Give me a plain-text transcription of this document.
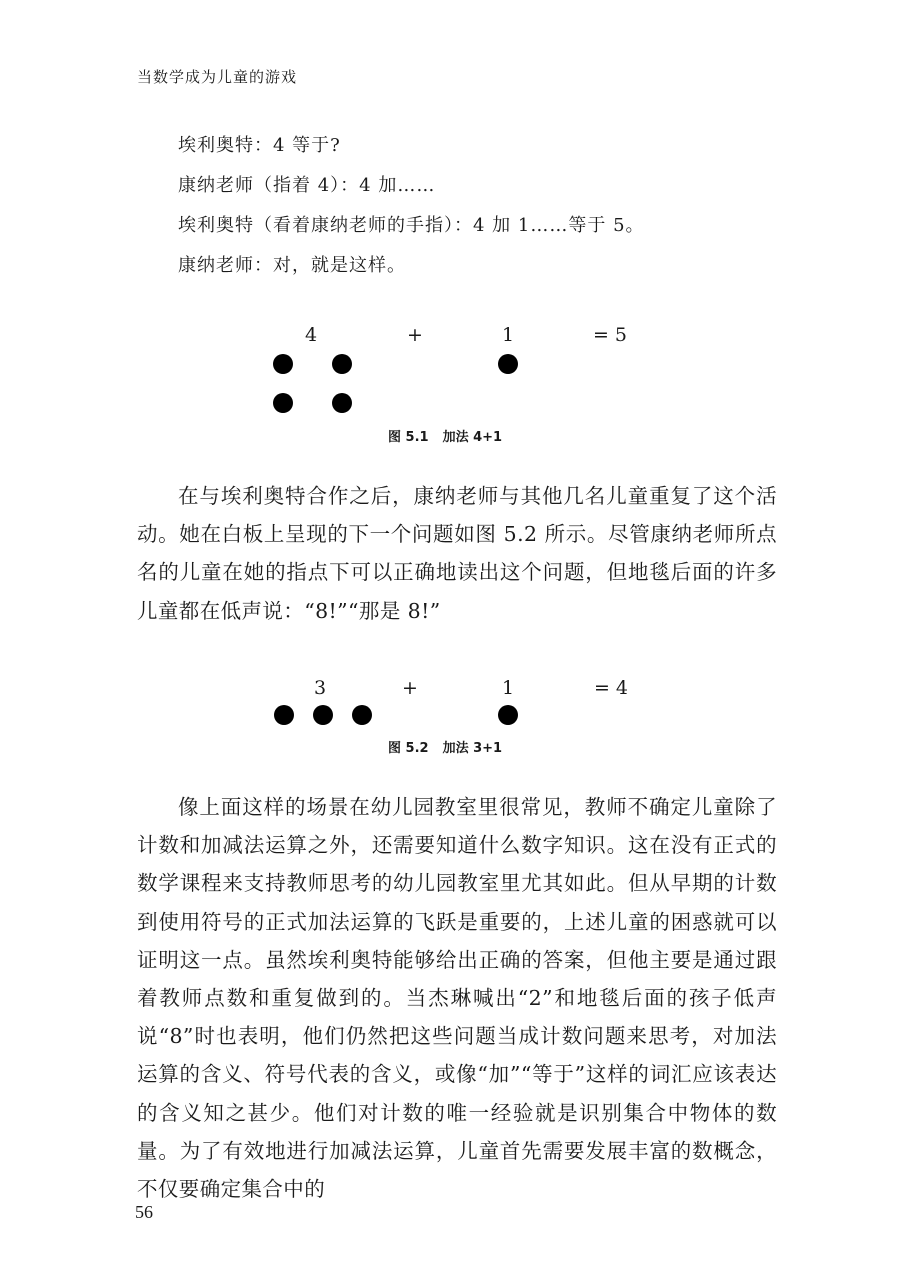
当数学成为儿童的游戏
埃利奥特：4 等于?
康纳老师（指着 4）：4 加……
埃利奥特（看着康纳老师的手指）：4 加 1……等于 5。
康纳老师：对，就是这样。
4	+	1	= 5
图 5.1 加法 4+1

在与埃利奥特合作之后，康纳老师与其他几名儿童重复了这个活动。她在白板上呈现的下一个问题如图 5.2 所示。尽管康纳老师所点名的儿童在她的指点下可以正确地读出这个问题，但地毯后面的许多儿童都在低声说：“8!”“那是 8!”

3	+	1	= 4
图 5.2 加法 3+1

像上面这样的场景在幼儿园教室里很常见，教师不确定儿童除了计数和加减法运算之外，还需要知道什么数字知识。这在没有正式的数学课程来支持教师思考的幼儿园教室里尤其如此。但从早期的计数到使用符号的正式加法运算的飞跃是重要的，上述儿童的困惑就可以证明这一点。虽然埃利奥特能够给出正确的答案，但他主要是通过跟着教师点数和重复做到的。当杰琳喊出“2”和地毯后面的孩子低声说“8”时也表明，他们仍然把这些问题当成计数问题来思考，对加法运算的含义、符号代表的含义，或像“加”“等于”这样的词汇应该表达的含义知之甚少。他们对计数的唯一经验就是识别集合中物体的数量。为了有效地进行加减法运算，儿童首先需要发展丰富的数概念，不仅要确定集合中的

56
